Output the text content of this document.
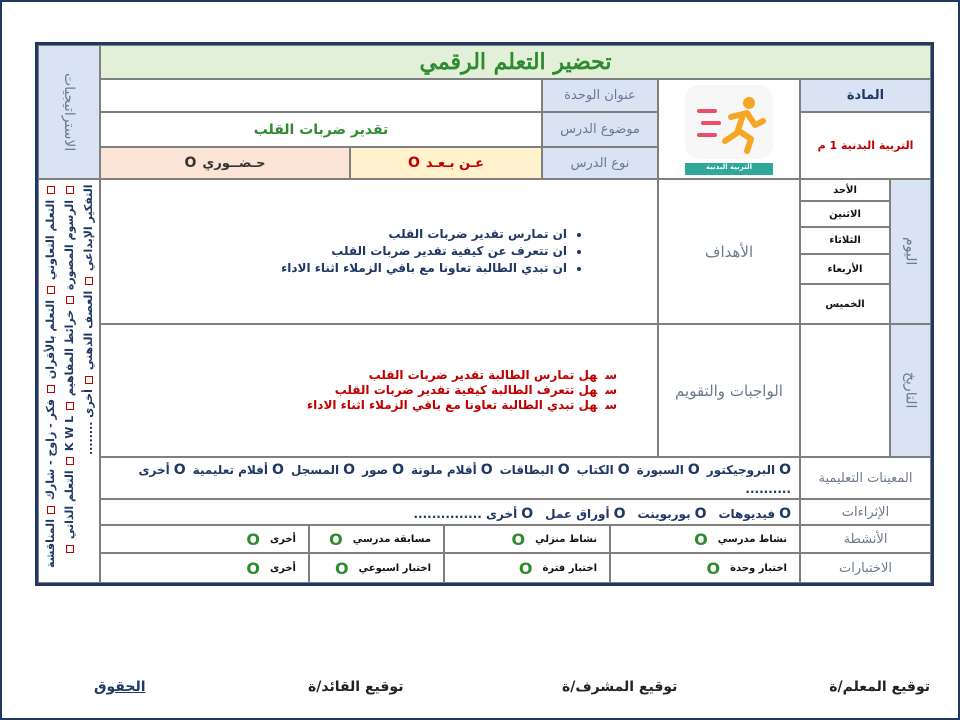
الاستراتيجيات
التعلم التعاوني  التعلم بالأقران  فكر - زاوج - شارك  المناقشة  الرسوم المصورة  خرائط المفاهيم  K W L  التعلم الذاتي  التفكير الإبداعي  العصف الذهني  أخرى ........
تحضير التعلم الرقمي
المادة
التربية البدنية 1 م
التربية البدنية
عنوان الوحدة
موضوع الدرس
تقدير ضربات القلب
نوع الدرس
عـن بـعـد
O
حـضــوري
O
اليوم
الأحد
الاثنين
الثلاثاء
الأربعاء
الخميس
الأهداف
• ان تمارس تقدير ضربات القلب
• ان تتعرف عن كيفية تقدير ضربات القلب
• ان تبدي الطالبة تعاونا مع باقي الزملاء اثناء الاداء
التاريخ
الواجبات والتقويم
سهل تمارس الطالبة تقدير ضربات القلب
سهل تتعرف الطالبة كيفية تقدير ضربات القلب
سهل تبدي الطالبة تعاونا مع باقي الزملاء اثناء الاداء
المعينات التعليمية
OالبروجيكتورOالسبورةOالكتابOالبطاقاتOأقلام ملونةOصورOالمسجلOأفلام تعليميةOأخرى ..........
الإثراءات
OفيديوهاتOبوربوينتOأوراق عملOأخرى ...............
الأنشطة
نشاط مدرسي
O
نشاط منزلي
O
مسابقة مدرسي
O
أخرى
O
الاختبارات
اختبار وحدة
O
اختبار فترة
O
اختبار اسبوعي
O
أخرى
O
توقيع المعلم/ة
توقيع المشرف/ة
توقيع القائد/ة
الحقوق
